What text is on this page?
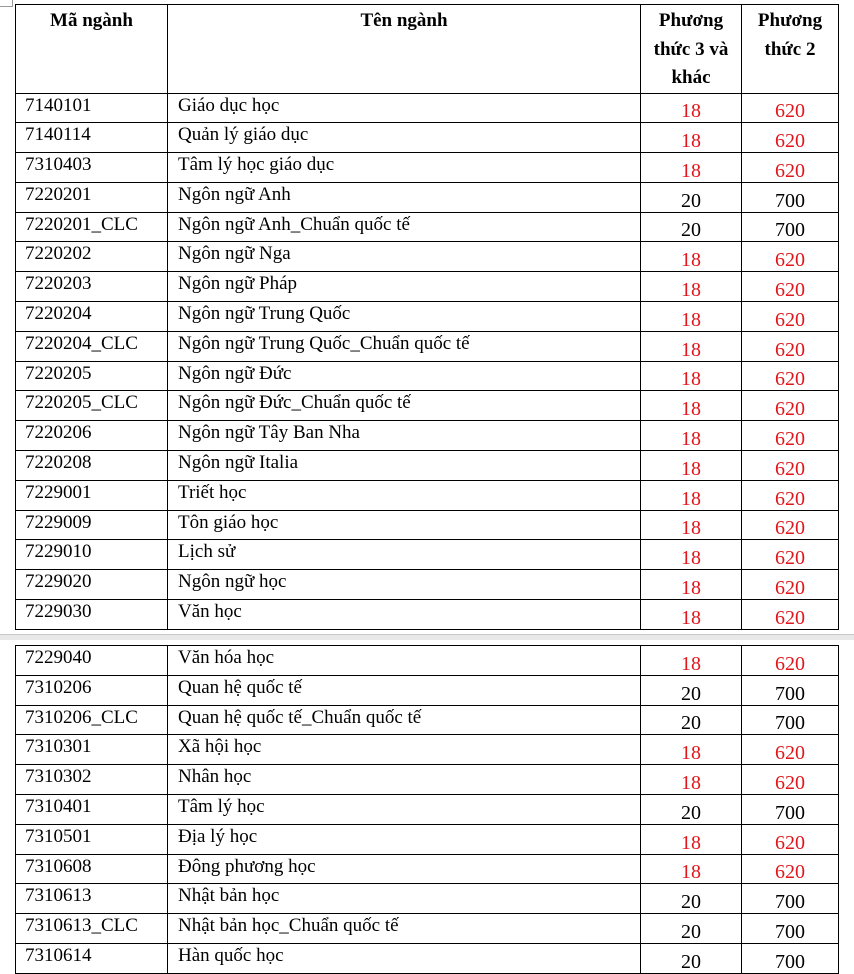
Mã ngành	Tên ngành	Phương thức 3 và khác	Phương thức 2
7140101	Giáo dục học	18	620
7140114	Quản lý giáo dục	18	620
7310403	Tâm lý học giáo dục	18	620
7220201	Ngôn ngữ Anh	20	700
7220201_CLC	Ngôn ngữ Anh_Chuẩn quốc tế	20	700
7220202	Ngôn ngữ Nga	18	620
7220203	Ngôn ngữ Pháp	18	620
7220204	Ngôn ngữ Trung Quốc	18	620
7220204_CLC	Ngôn ngữ Trung Quốc_Chuẩn quốc tế	18	620
7220205	Ngôn ngữ Đức	18	620
7220205_CLC	Ngôn ngữ Đức_Chuẩn quốc tế	18	620
7220206	Ngôn ngữ Tây Ban Nha	18	620
7220208	Ngôn ngữ Italia	18	620
7229001	Triết học	18	620
7229009	Tôn giáo học	18	620
7229010	Lịch sử	18	620
7229020	Ngôn ngữ học	18	620
7229030	Văn học	18	620
7229040	Văn hóa học	18	620
7310206	Quan hệ quốc tế	20	700
7310206_CLC	Quan hệ quốc tế_Chuẩn quốc tế	20	700
7310301	Xã hội học	18	620
7310302	Nhân học	18	620
7310401	Tâm lý học	20	700
7310501	Địa lý học	18	620
7310608	Đông phương học	18	620
7310613	Nhật bản học	20	700
7310613_CLC	Nhật bản học_Chuẩn quốc tế	20	700
7310614	Hàn quốc học	20	700
